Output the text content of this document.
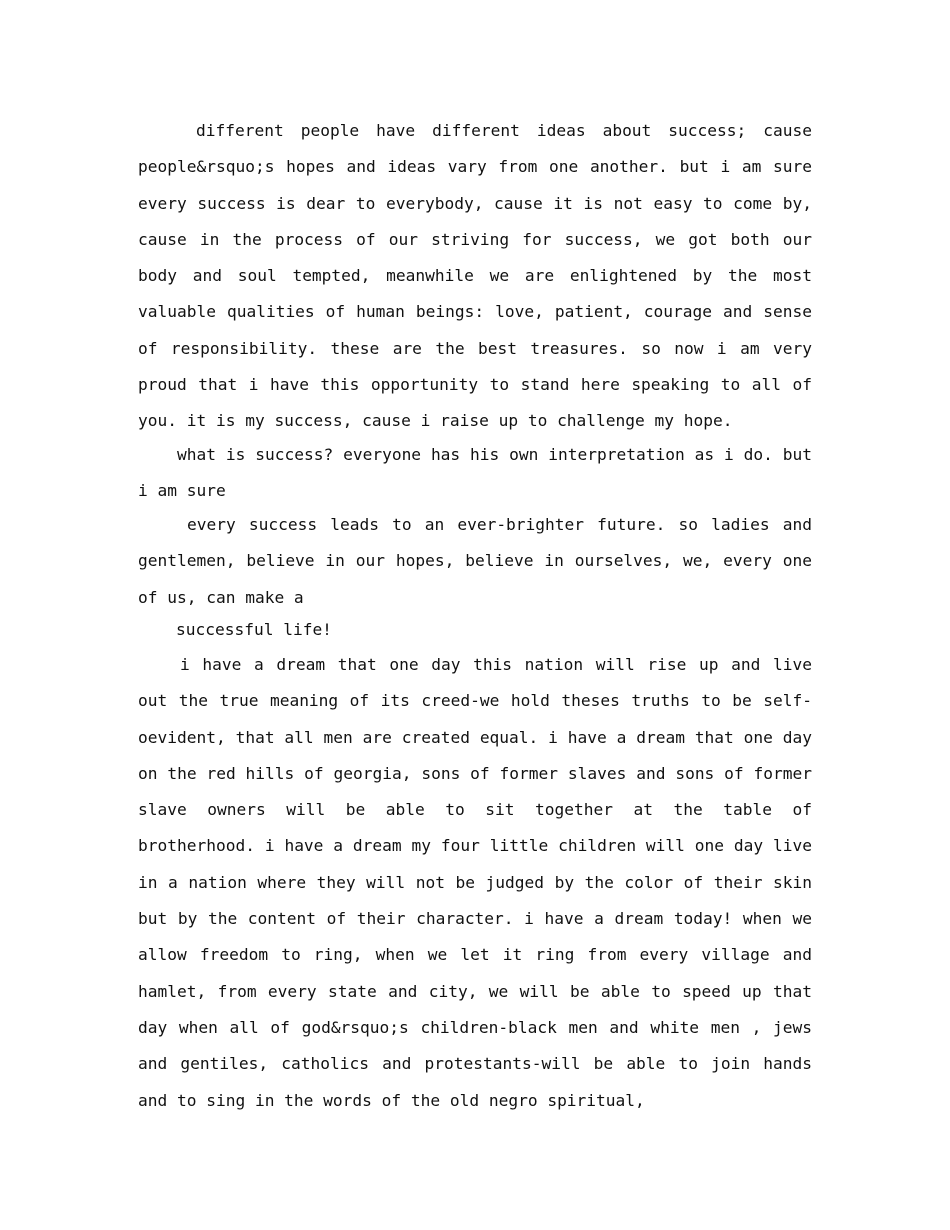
different people have different ideas about success; cause people&rsquo;s hopes and ideas vary from one another. but i am sure every success is dear to everybody, cause it is not easy to come by, cause in the process of our striving for success, we got both our body and soul tempted, meanwhile we are enlightened by the most valuable qualities of human beings: love, patient, courage and sense of responsibility. these are the best treasures. so now i am very proud that i have this opportunity to stand here speaking to all of you. it is my success, cause i raise up to challenge my hope.

what is success? everyone has his own interpretation as i do. but i am sure

every success leads to an ever-brighter future. so ladies and gentlemen, believe in our hopes, believe in ourselves, we, every one of us, can make a

successful life!

i have a dream that one day this nation will rise up and live out the true meaning of its creed-we hold theses truths to be self-oevident, that all men are created equal. i have a dream that one day on the red hills of georgia, sons of former slaves and sons of former slave owners will be able to sit together at the table of brotherhood. i have a dream my four little children will one day live in a nation where they will not be judged by the color of their skin but by the content of their character. i have a dream today! when we allow freedom to ring, when we let it ring from every village and hamlet, from every state and city, we will be able to speed up that day when all of god&rsquo;s children-black men and white men , jews and gentiles, catholics and protestants-will be able to join hands and to sing in the words of the old negro spiritual,
